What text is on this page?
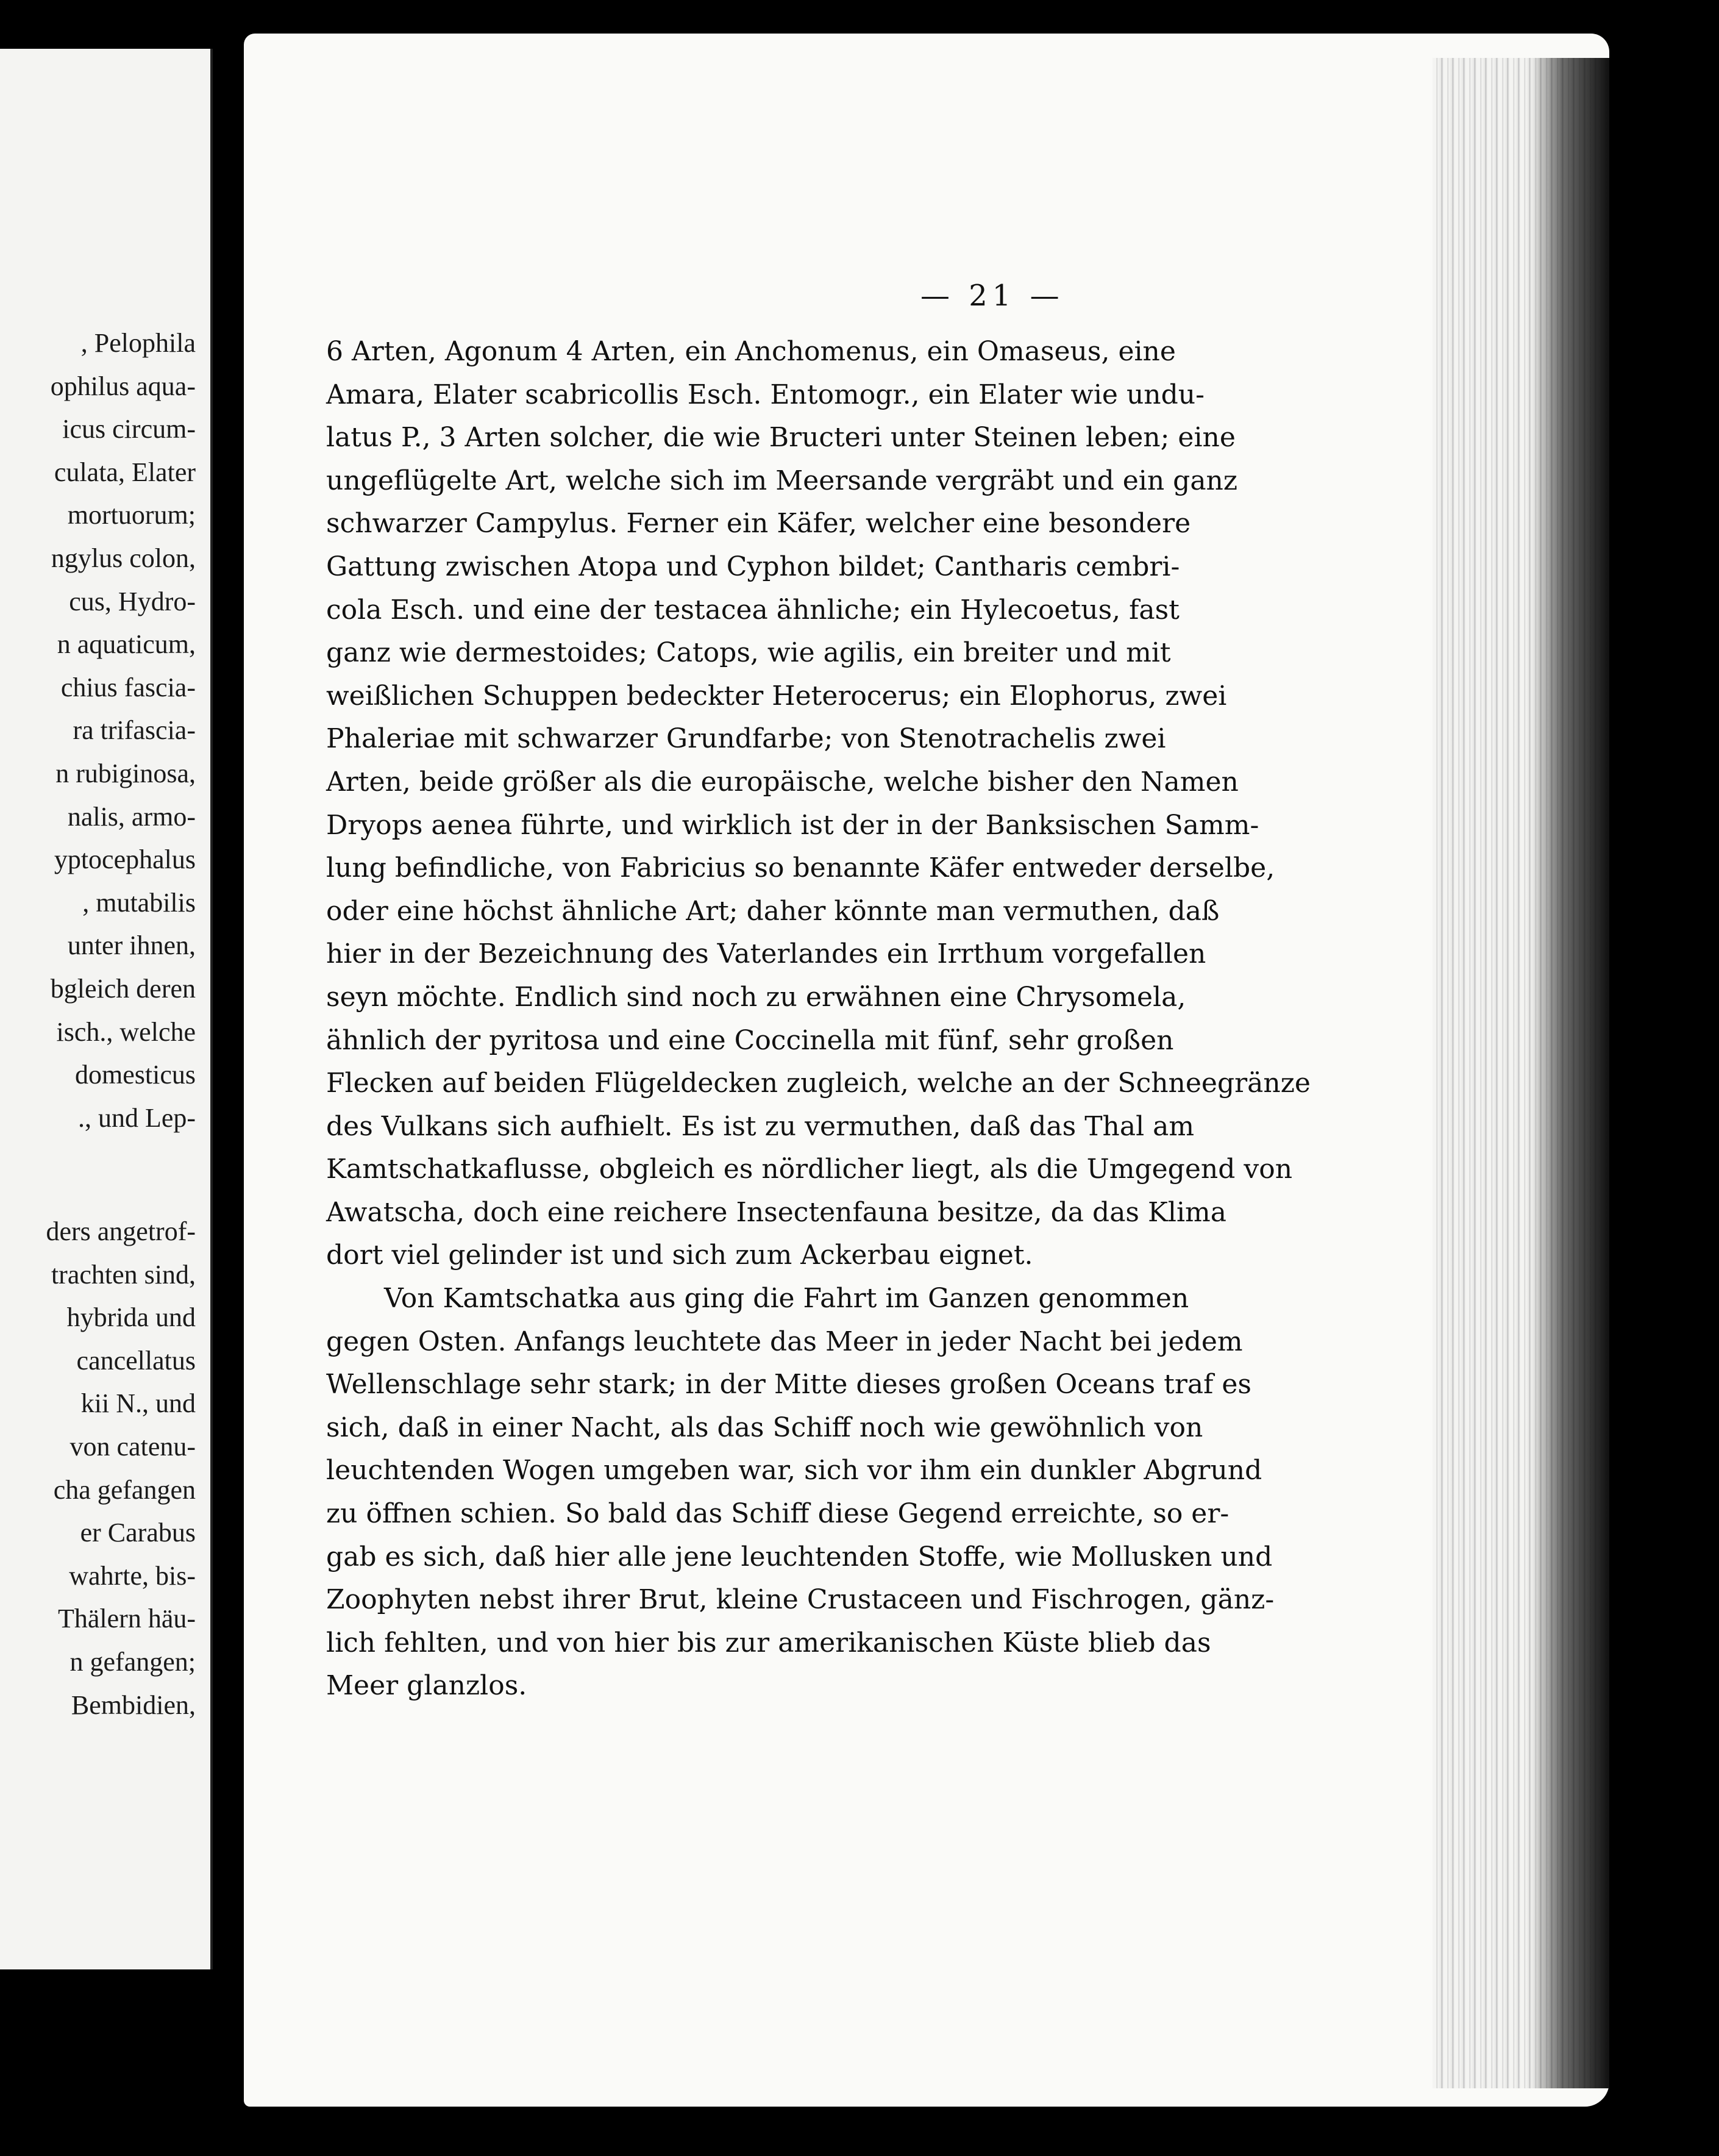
, Pelophila
ophilus aqua-
icus circum-
culata, Elater
mortuorum;
ngylus colon,
cus, Hydro-
n aquaticum,
chius fascia-
ra trifascia-
n rubiginosa,
nalis, armo-
yptocephalus
, mutabilis
unter ihnen,
bgleich deren
isch., welche
domesticus
., und Lep-
ders angetrof-
trachten sind,
hybrida und
cancellatus
kii N., und
von catenu-
cha gefangen
er Carabus
wahrte, bis-
Thälern häu-
n gefangen;
Bembidien,
— 21 —

6 Arten, Agonum 4 Arten, ein Anchomenus, ein Omaseus, eine
Amara, Elater scabricollis Esch. Entomogr., ein Elater wie undu-
latus P., 3 Arten solcher, die wie Bructeri unter Steinen leben; eine
ungeflügelte Art, welche sich im Meersande vergräbt und ein ganz
schwarzer Campylus. Ferner ein Käfer, welcher eine besondere
Gattung zwischen Atopa und Cyphon bildet; Cantharis cembri-
cola Esch. und eine der testacea ähnliche; ein Hylecoetus, fast
ganz wie dermestoides; Catops, wie agilis, ein breiter und mit
weißlichen Schuppen bedeckter Heterocerus; ein Elophorus, zwei
Phaleriae mit schwarzer Grundfarbe; von Stenotrachelis zwei
Arten, beide größer als die europäische, welche bisher den Namen
Dryops aenea führte, und wirklich ist der in der Banksischen Samm-
lung befindliche, von Fabricius so benannte Käfer entweder derselbe,
oder eine höchst ähnliche Art; daher könnte man vermuthen, daß
hier in der Bezeichnung des Vaterlandes ein Irrthum vorgefallen
seyn möchte. Endlich sind noch zu erwähnen eine Chrysomela,
ähnlich der pyritosa und eine Coccinella mit fünf, sehr großen
Flecken auf beiden Flügeldecken zugleich, welche an der Schneegränze
des Vulkans sich aufhielt. Es ist zu vermuthen, daß das Thal am
Kamtschatkaflusse, obgleich es nördlicher liegt, als die Umgegend von
Awatscha, doch eine reichere Insectenfauna besitze, da das Klima
dort viel gelinder ist und sich zum Ackerbau eignet.

Von Kamtschatka aus ging die Fahrt im Ganzen genommen
gegen Osten. Anfangs leuchtete das Meer in jeder Nacht bei jedem
Wellenschlage sehr stark; in der Mitte dieses großen Oceans traf es
sich, daß in einer Nacht, als das Schiff noch wie gewöhnlich von
leuchtenden Wogen umgeben war, sich vor ihm ein dunkler Abgrund
zu öffnen schien. So bald das Schiff diese Gegend erreichte, so er-
gab es sich, daß hier alle jene leuchtenden Stoffe, wie Mollusken und
Zoophyten nebst ihrer Brut, kleine Crustaceen und Fischrogen, gänz-
lich fehlten, und von hier bis zur amerikanischen Küste blieb das
Meer glanzlos.
